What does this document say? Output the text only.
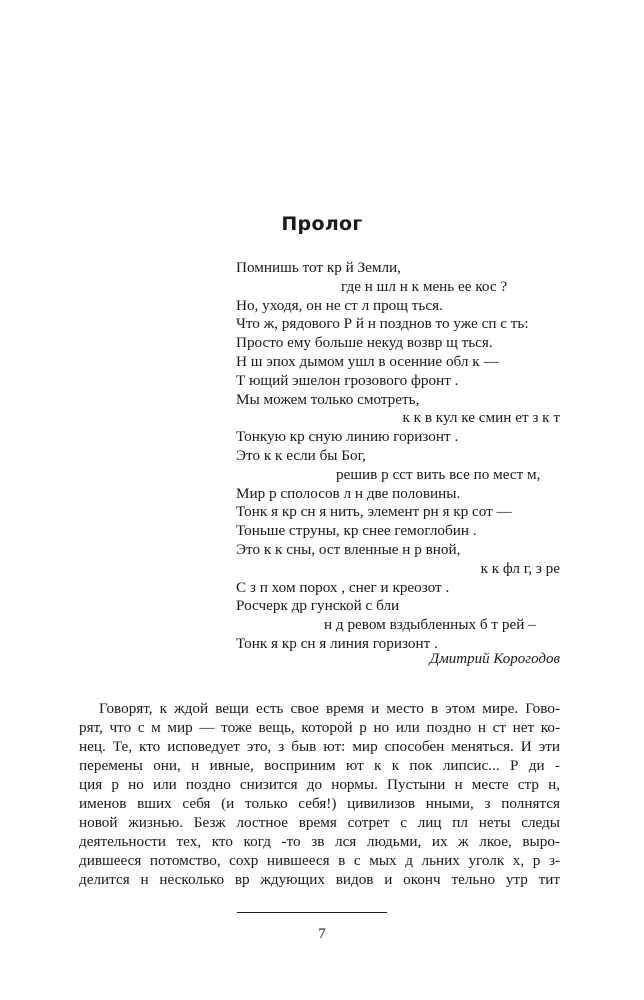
Пролог
Помнишь тот кр й Земли,
где н шл н к мень ее кос ?
Но, уходя, он не ст л прощ ться.
Что ж, рядового Р й н позднов то уже сп с ть:
Просто ему больше некуд возвр щ ться.
Н ш эпох дымом ушл в осенние обл к —
Т ющий эшелон грозового фронт .
Мы можем только смотреть,
к к в кул ке смин ет з к т
Тонкую кр сную линию горизонт .
Это к к если бы Бог,
решив р сст вить все по мест м,
Мир р сполосов л н две половины.
Тонк я кр сн я нить, элемент рн я кр сот —
Тоньше струны, кр снее гемоглобин .
Это к к сны, ост вленные н р вной,
к к фл г, з ре
С з п хом порох , снег и креозот .
Росчерк др гунской с бли
н д ревом вздыбленных б т рей –
Тонк я кр сн я линия горизонт .
Дмитрий Корогодов
Говорят, к ждой вещи есть свое время и место в этом мире. Гово-
рят, что с м мир — тоже вещь, которой р но или поздно н ст нет ко-
нец. Те, кто исповедует это, з быв ют: мир способен меняться. И эти
перемены они, н ивные, восприним ют к к пок липсис... Р ди -
ция р но или поздно снизится до нормы. Пустыни н месте стр н,
именов вших себя (и только себя!) цивилизов нными, з полнятся
новой жизнью. Безж лостное время сотрет с лиц пл неты следы
деятельности тех, кто когд -то зв лся людьми, их ж лкое, выро-
дившееся потомство, сохр нившееся в с мых д льних уголк х, р з-
делится н несколько вр ждующих видов и оконч тельно утр тит
7
